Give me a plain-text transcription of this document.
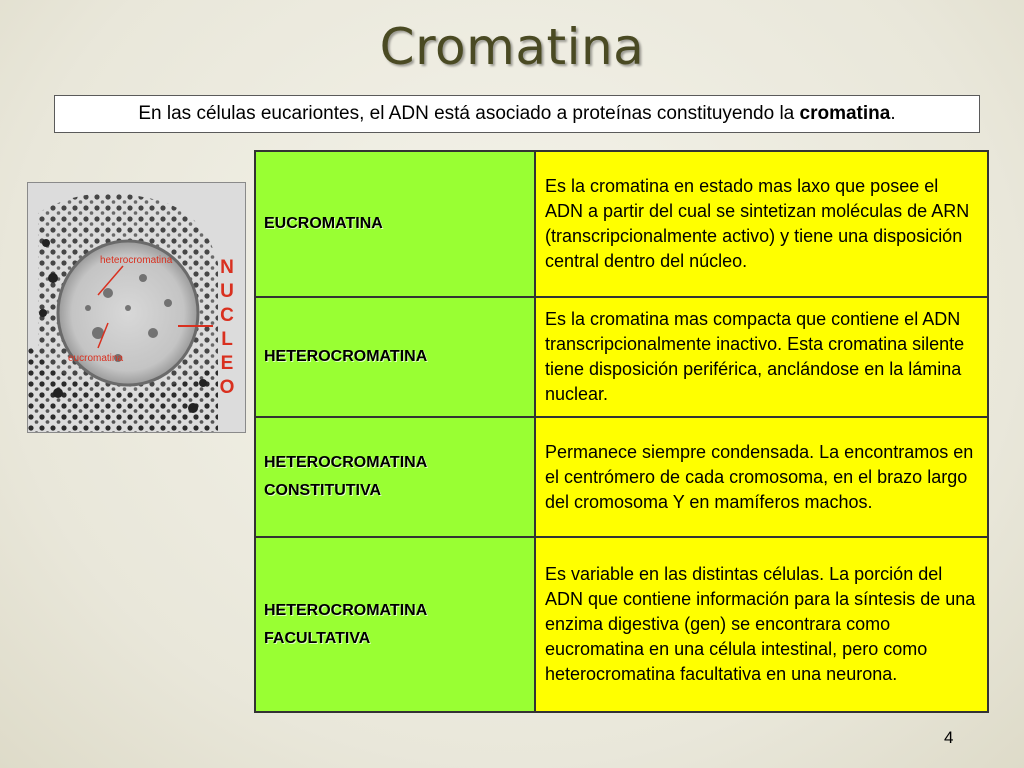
Cromatina
En las células eucariontes, el ADN está asociado a proteínas constituyendo la cromatina.
heterocromatina
eucromatina
N
U
C
L
E
O
EUCROMATINA	Es la cromatina en estado mas laxo que posee el ADN a partir del cual se sintetizan moléculas de ARN (transcripcionalmente activo) y tiene una disposición central dentro del núcleo.
HETEROCROMATINA	Es la cromatina mas compacta que contiene el ADN transcripcionalmente inactivo. Esta cromatina silente tiene disposición periférica, anclándose en la lámina nuclear.
HETEROCROMATINA
CONSTITUTIVA	Permanece siempre condensada. La encontramos en el centrómero de cada cromosoma, en el brazo largo del cromosoma Y en mamíferos machos.
HETEROCROMATINA
FACULTATIVA	Es variable en las distintas células. La porción del ADN que contiene información para la síntesis de una enzima digestiva (gen) se encontrara como eucromatina en una célula intestinal, pero como heterocromatina facultativa en una neurona.
4
